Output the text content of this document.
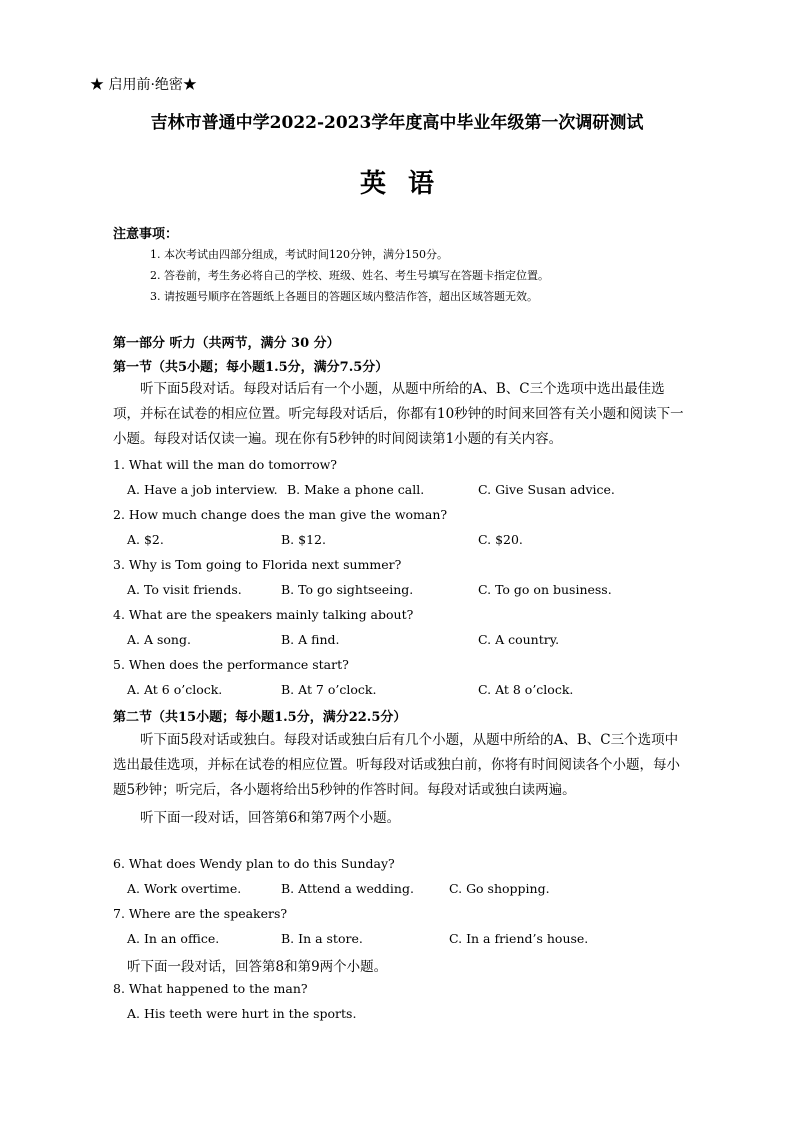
★ 启用前·绝密★
吉林市普通中学2022-2023学年度高中毕业年级第一次调研测试
英语
注意事项：
1. 本次考试由四部分组成，考试时间120分钟，满分150分。
2. 答卷前，考生务必将自己的学校、班级、姓名、考生号填写在答题卡指定位置。
3. 请按题号顺序在答题纸上各题目的答题区域内整洁作答，超出区域答题无效。
第一部分 听力（共两节，满分 30 分）
第一节（共5小题；每小题1.5分，满分7.5分）
听下面5段对话。每段对话后有一个小题，从题中所给的A、B、C三个选项中选出最佳选项，并标在试卷的相应位置。听完每段对话后，你都有10秒钟的时间来回答有关小题和阅读下一小题。每段对话仅读一遍。现在你有5秒钟的时间阅读第1小题的有关内容。
1. What will the man do tomorrow?
A. Have a job interview. B. Make a phone call.	C. Give Susan advice.
2. How much change does the man give the woman?
A. $2.	B. $12.	C. $20.
3. Why is Tom going to Florida next summer?
A. To visit friends.	B. To go sightseeing.	C. To go on business.
4. What are the speakers mainly talking about?
A. A song.	B. A find.	C. A country.
5. When does the performance start?
A. At 6 o’clock.	B. At 7 o’clock.	C. At 8 o’clock.
第二节（共15小题；每小题1.5分，满分22.5分）
听下面5段对话或独白。每段对话或独白后有几个小题，从题中所给的A、B、C三个选项中选出最佳选项，并标在试卷的相应位置。听每段对话或独白前，你将有时间阅读各个小题，每小题5秒钟；听完后，各小题将给出5秒钟的作答时间。每段对话或独白读两遍。
听下面一段对话，回答第6和第7两个小题。
6. What does Wendy plan to do this Sunday?
A. Work overtime.	B. Attend a wedding.	C. Go shopping.
7. Where are the speakers?
A. In an office.	B. In a store.	C. In a friend’s house.
听下面一段对话，回答第8和第9两个小题。
8. What happened to the man?
A. His teeth were hurt in the sports.
